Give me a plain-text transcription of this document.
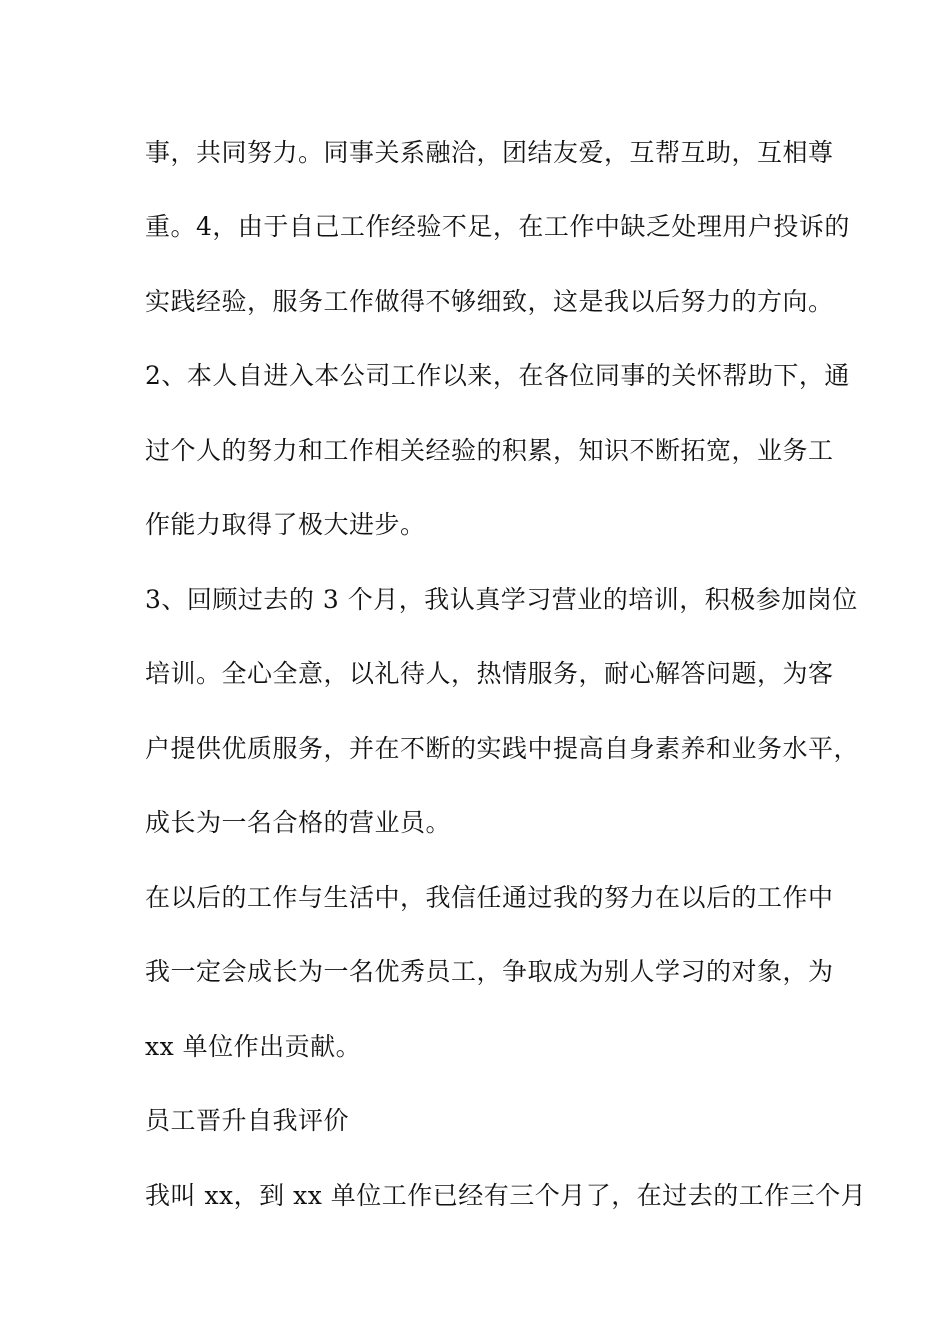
事，共同努力。同事关系融洽，团结友爱，互帮互助，互相尊
重。4，由于自己工作经验不足，在工作中缺乏处理用户投诉的
实践经验，服务工作做得不够细致，这是我以后努力的方向。
2、本人自进入本公司工作以来，在各位同事的关怀帮助下，通
过个人的努力和工作相关经验的积累，知识不断拓宽，业务工
作能力取得了极大进步。
3、回顾过去的 3 个月，我认真学习营业的培训，积极参加岗位
培训。全心全意，以礼待人，热情服务，耐心解答问题，为客
户提供优质服务，并在不断的实践中提高自身素养和业务水平，
成长为一名合格的营业员。
在以后的工作与生活中，我信任通过我的努力在以后的工作中
我一定会成长为一名优秀员工，争取成为别人学习的对象，为
xx 单位作出贡献。
员工晋升自我评价
我叫 xx，到 xx 单位工作已经有三个月了，在过去的工作三个月
